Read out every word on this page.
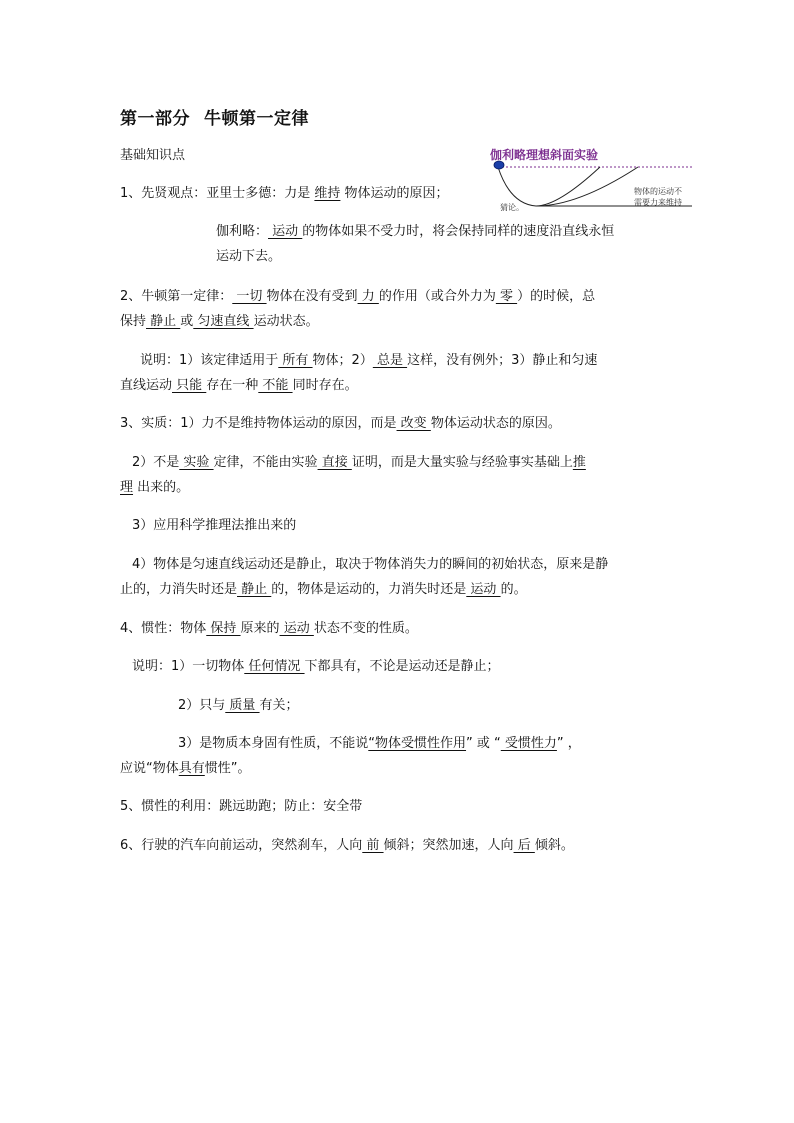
第一部分 牛顿第一定律
基础知识点	伽利略理想斜面实验
物体的运动不
需要力来维持
猜论。
1、先贤观点：亚里士多德：力是 维持 物体运动的原因；
伽利略： 运动 的物体如果不受力时，将会保持同样的速度沿直线永恒
运动下去。
2、牛顿第一定律： 一切 物体在没有受到 力 的作用（或合外力为 零 ）的时候，总
保持 静止 或 匀速直线 运动状态。
说明：1）该定律适用于 所有 物体；2） 总是 这样，没有例外；3）静止和匀速
直线运动 只能 存在一种 不能 同时存在。
3、实质：1）力不是维持物体运动的原因，而是 改变 物体运动状态的原因。
2）不是 实验 定律，不能由实验 直接 证明，而是大量实验与经验事实基础上推
理 出来的。
3）应用科学推理法推出来的
4）物体是匀速直线运动还是静止，取决于物体消失力的瞬间的初始状态，原来是静
止的，力消失时还是 静止 的，物体是运动的，力消失时还是 运动 的。
4、惯性：物体 保持 原来的 运动 状态不变的性质。
说明：1）一切物体 任何情况 下都具有，不论是运动还是静止；
2）只与 质量 有关；
3）是物质本身固有性质，不能说“物体受惯性作用” 或 “ 受惯性力” ，
应说“物体具有惯性”。
5、惯性的利用：跳远助跑；防止：安全带
6、行驶的汽车向前运动，突然刹车，人向 前 倾斜；突然加速，人向 后 倾斜。
